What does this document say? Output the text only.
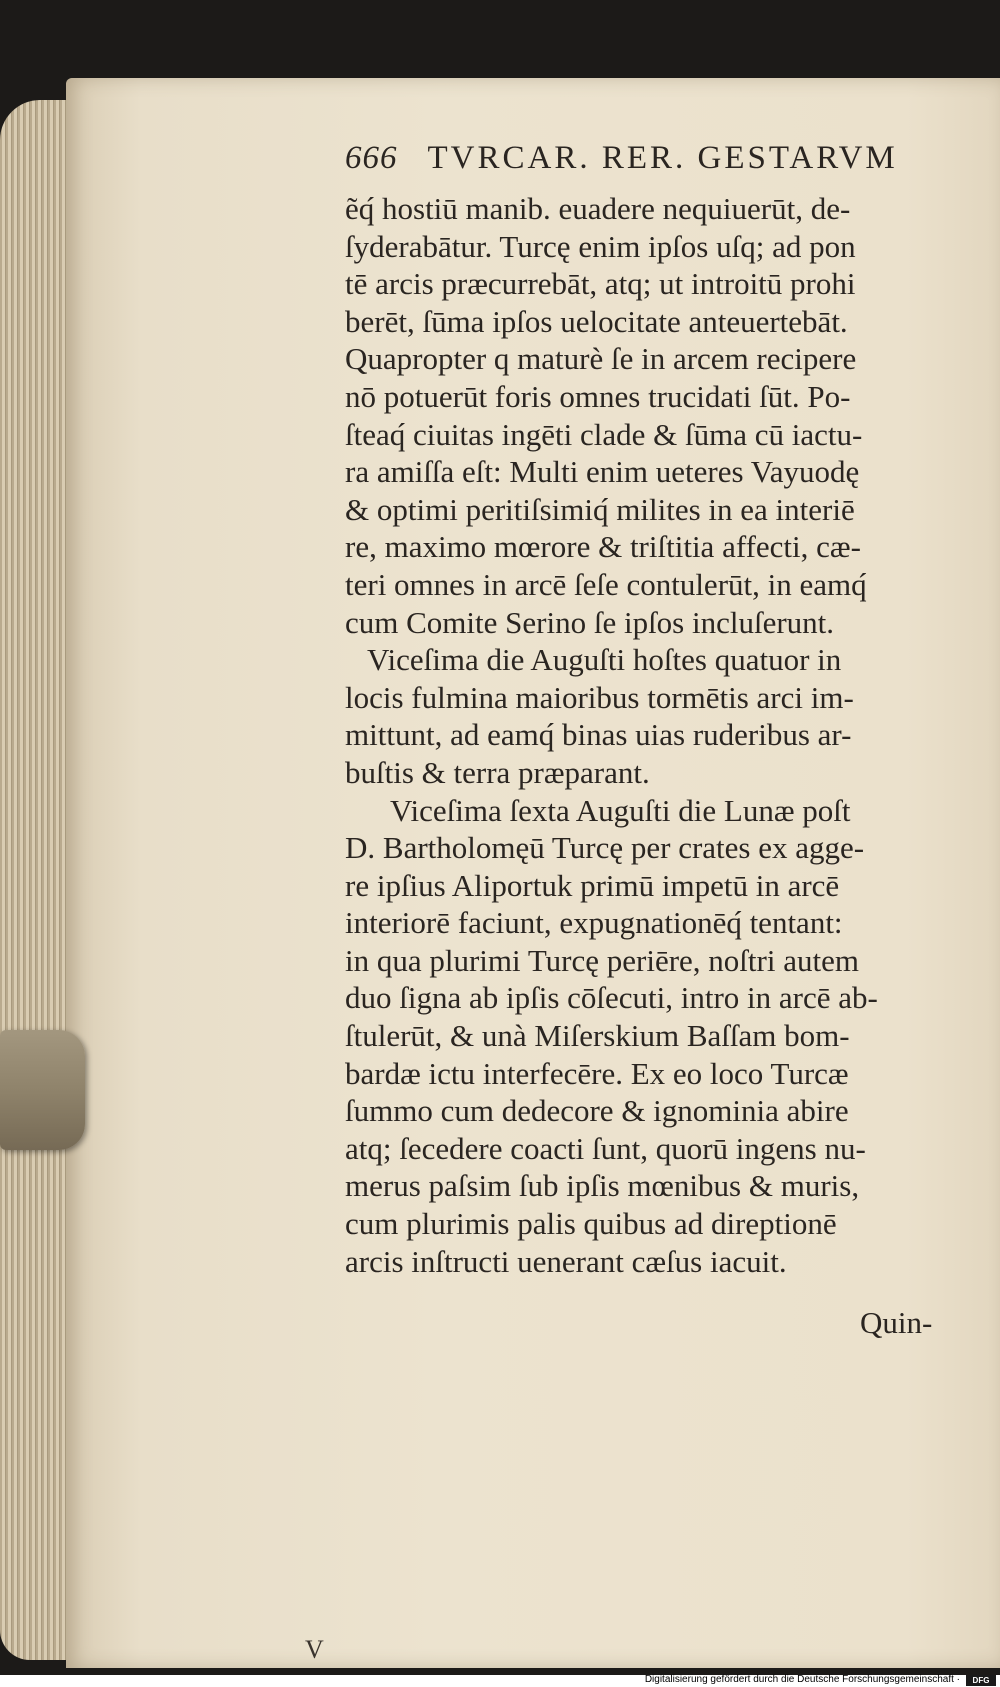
666 TVRCAR. RER. GESTARVM
ẽq́ hostiū manib. euadere nequiuerūt, de-
ſyderabātur. Turcę enim ipſos uſq; ad pon
tē arcis præcurrebāt, atq; ut introitū prohi
berēt, ſūma ipſos uelocitate anteuertebāt.
Quapropter q maturè ſe in arcem recipere
nō potuerūt foris omnes trucidati ſūt. Po-
ſteaq́ ciuitas ingēti clade & ſūma cū iactu-
ra amiſſa eſt: Multi enim ueteres Vayuodę
& optimi peritiſsimiq́ milites in ea interiē
re, maximo mœrore & triſtitia affecti, cæ-
teri omnes in arcē ſeſe contulerūt, in eamq́
cum Comite Serino ſe ipſos incluſerunt.
Viceſima die Auguſti hoſtes quatuor in
locis fulmina maioribus tormētis arci im-
mittunt, ad eamq́ binas uias ruderibus ar-
buſtis & terra præparant.
Viceſima ſexta Auguſti die Lunæ poſt
D. Bartholomęū Turcę per crates ex agge-
re ipſius Aliportuk primū impetū in arcē
interiorē faciunt, expugnationēq́ tentant:
in qua plurimi Turcę periēre, noſtri autem
duo ſigna ab ipſis cōſecuti, intro in arcē ab-
ſtulerūt, & unà Miſerskium Baſſam bom-
bardæ ictu interfecēre. Ex eo loco Turcæ
ſummo cum dedecore & ignominia abire
atq; ſecedere coacti ſunt, quorū ingens nu-
merus paſsim ſub ipſis mœnibus & muris,
cum plurimis palis quibus ad direptionē
arcis inſtructi uenerant cæſus iacuit.
Quin-
V
Digitalisierung gefördert durch die Deutsche Forschungsgemeinschaft ·	DFG
